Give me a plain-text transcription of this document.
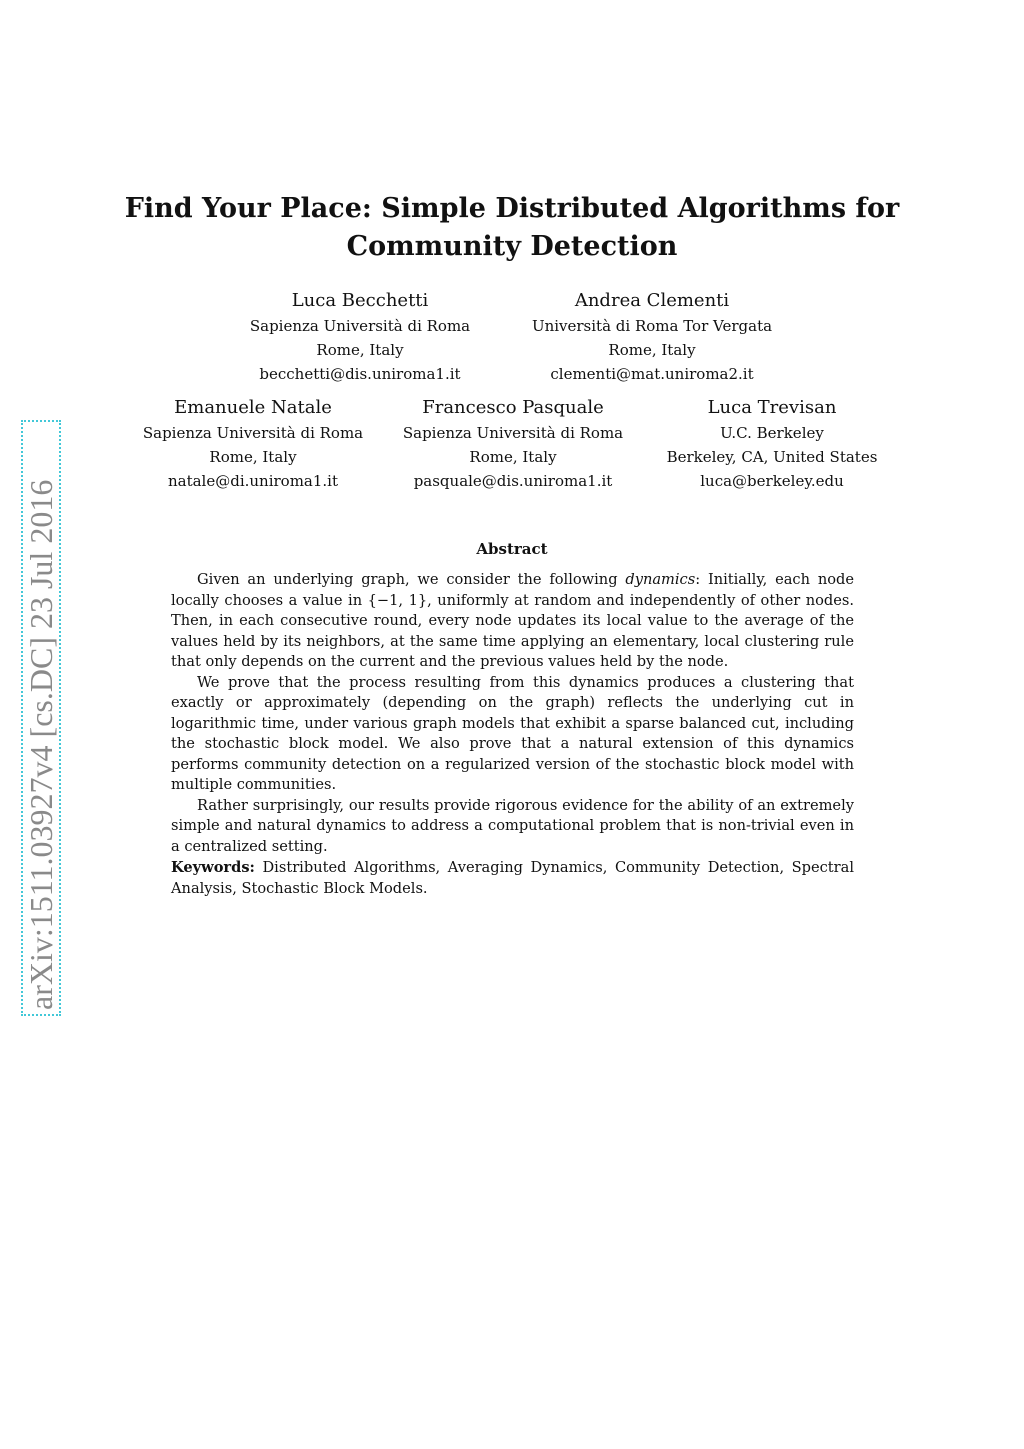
Find Your Place: Simple Distributed Algorithms for
Community Detection
Luca Becchetti
Sapienza Università di Roma
Rome, Italy
becchetti@dis.uniroma1.it
Andrea Clementi
Università di Roma Tor Vergata
Rome, Italy
clementi@mat.uniroma2.it
Emanuele Natale
Sapienza Università di Roma
Rome, Italy
natale@di.uniroma1.it
Francesco Pasquale
Sapienza Università di Roma
Rome, Italy
pasquale@dis.uniroma1.it
Luca Trevisan
U.C. Berkeley
Berkeley, CA, United States
luca@berkeley.edu
Abstract

Given an underlying graph, we consider the following dynamics: Initially, each node locally chooses a value in {−1, 1}, uniformly at random and independently of other nodes. Then, in each consecutive round, every node updates its local value to the average of the values held by its neighbors, at the same time applying an elementary, local clustering rule that only depends on the current and the previous values held by the node.

We prove that the process resulting from this dynamics produces a clustering that exactly or approximately (depending on the graph) reflects the underlying cut in logarithmic time, under various graph models that exhibit a sparse balanced cut, including the stochastic block model. We also prove that a natural extension of this dynamics performs community detection on a regularized version of the stochastic block model with multiple communities.

Rather surprisingly, our results provide rigorous evidence for the ability of an extremely simple and natural dynamics to address a computational problem that is non-trivial even in a centralized setting.

Keywords: Distributed Algorithms, Averaging Dynamics, Community Detection, Spectral Analysis, Stochastic Block Models.
arXiv:1511.03927v4 [cs.DC] 23 Jul 2016
